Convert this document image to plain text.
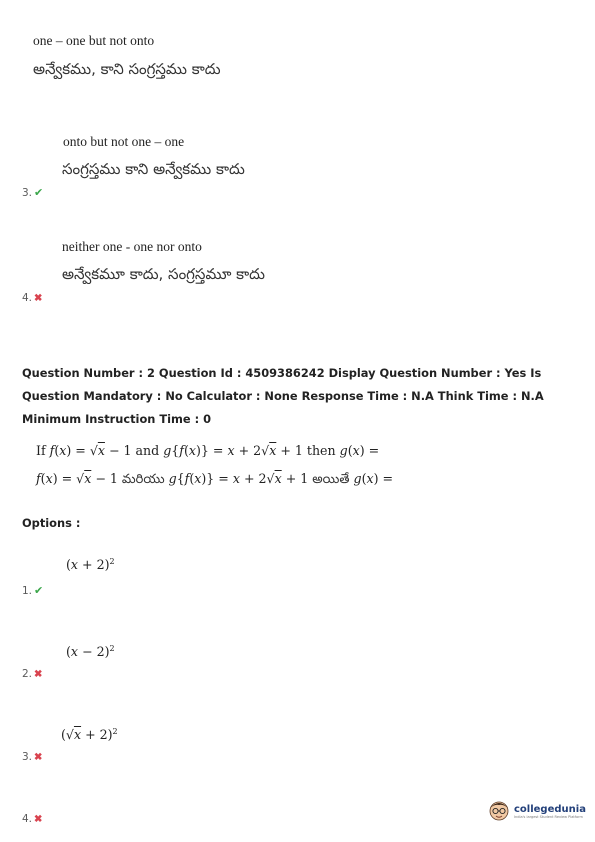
one – one but not onto
అన్వేకము, కాని సంగ్రస్తము కాదు
onto but not one – one
సంగ్రస్తము కాని అన్వేకము కాదు
3. ✔
neither one - one nor onto
అన్వేకమూ కాదు, సంగ్రస్తమూ కాదు
4. ✖
Question Number : 2 Question Id : 4509386242 Display Question Number : Yes Is Question Mandatory : No Calculator : None Response Time : N.A Think Time : N.A Minimum Instruction Time : 0
If f(x) = √x − 1 and g{f(x)} = x + 2√x + 1 then g(x) =
f(x) = √x − 1 మరియు g{f(x)} = x + 2√x + 1 అయితే g(x) =
Options :
$(x + 2)^2$
1. ✔
$(x - 2)^2$
2. ✖
$(√x + 2)^2$
3. ✖
4. ✖
collegedunia
India's largest Student Review Platform
